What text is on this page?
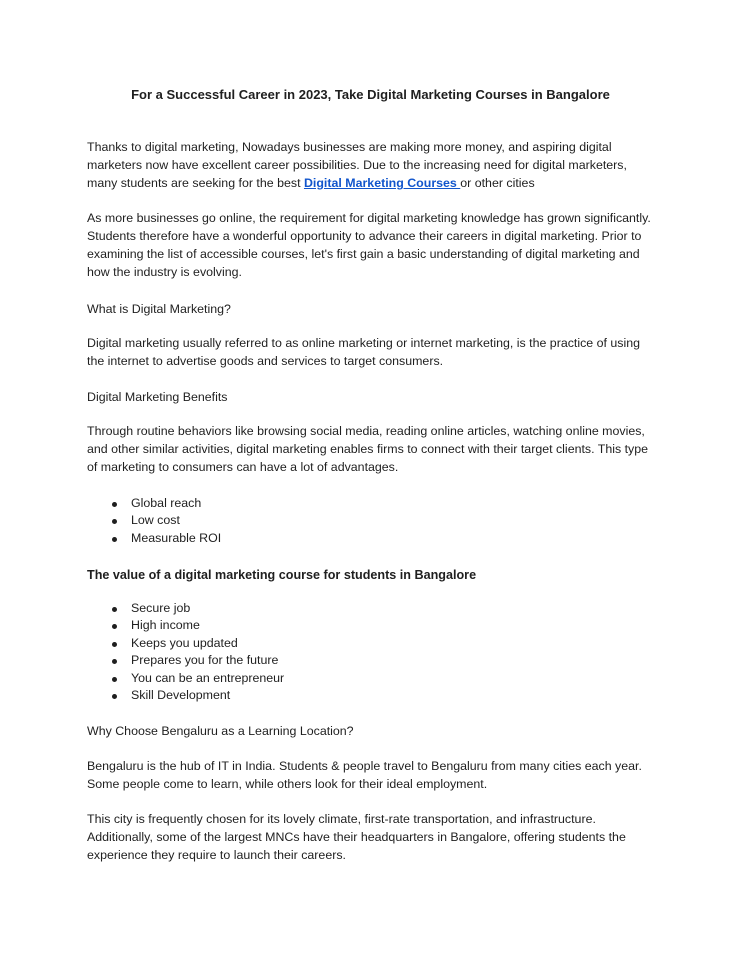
For a Successful Career in 2023, Take Digital Marketing Courses in Bangalore

Thanks to digital marketing, Nowadays businesses are making more money, and aspiring digital marketers now have excellent career possibilities. Due to the increasing need for digital marketers, many students are seeking for the best Digital Marketing Courses or other cities

As more businesses go online, the requirement for digital marketing knowledge has grown significantly. Students therefore have a wonderful opportunity to advance their careers in digital marketing. Prior to examining the list of accessible courses, let's first gain a basic understanding of digital marketing and how the industry is evolving.

What is Digital Marketing?

Digital marketing usually referred to as online marketing or internet marketing, is the practice of using the internet to advertise goods and services to target consumers.

Digital Marketing Benefits

Through routine behaviors like browsing social media, reading online articles, watching online movies, and other similar activities, digital marketing enables firms to connect with their target clients. This type of marketing to consumers can have a lot of advantages.

Global reach
Low cost
Measurable ROI

The value of a digital marketing course for students in Bangalore

Secure job
High income
Keeps you updated
Prepares you for the future
You can be an entrepreneur
Skill Development

Why Choose Bengaluru as a Learning Location?

Bengaluru is the hub of IT in India. Students & people travel to Bengaluru from many cities each year. Some people come to learn, while others look for their ideal employment.

This city is frequently chosen for its lovely climate, first-rate transportation, and infrastructure. Additionally, some of the largest MNCs have their headquarters in Bangalore, offering students the experience they require to launch their careers.
